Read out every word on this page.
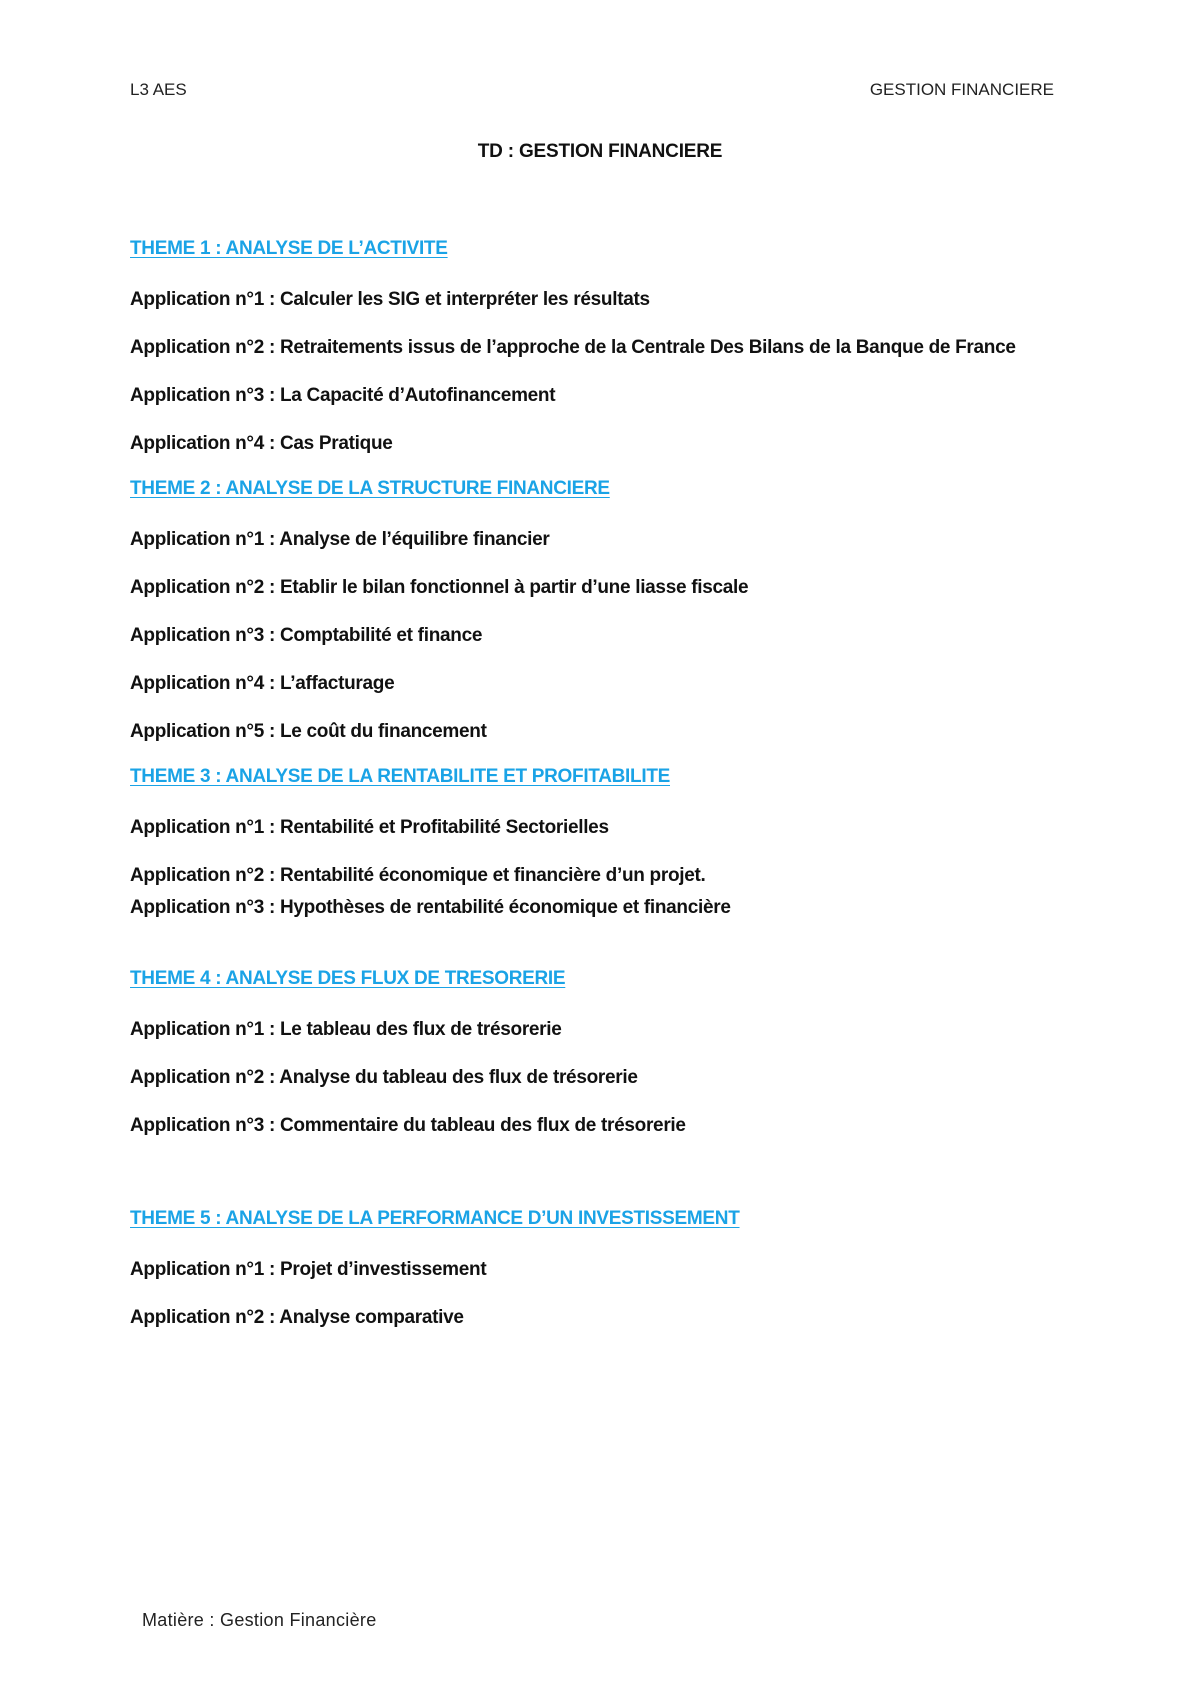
L3 AES	GESTION FINANCIERE
TD : GESTION FINANCIERE
THEME 1 : ANALYSE DE L’ACTIVITE
Application n°1 : Calculer les SIG et interpréter les résultats
Application n°2 : Retraitements issus de l’approche de la Centrale Des Bilans de la Banque de France
Application n°3 : La Capacité d’Autofinancement
Application n°4 : Cas Pratique
THEME 2 : ANALYSE DE LA STRUCTURE FINANCIERE
Application n°1 : Analyse de l’équilibre financier
Application n°2 : Etablir le bilan fonctionnel à partir d’une liasse fiscale
Application n°3 : Comptabilité et finance
Application n°4 : L’affacturage
Application n°5 : Le coût du financement
THEME 3 : ANALYSE DE LA RENTABILITE ET PROFITABILITE
Application n°1 : Rentabilité et Profitabilité Sectorielles
Application n°2 : Rentabilité économique et financière d’un projet.
Application n°3 : Hypothèses de rentabilité économique et financière
THEME 4 : ANALYSE DES FLUX DE TRESORERIE
Application n°1 : Le tableau des flux de trésorerie
Application n°2 : Analyse du tableau des flux de trésorerie
Application n°3 : Commentaire du tableau des flux de trésorerie
THEME 5 : ANALYSE DE LA PERFORMANCE D’UN INVESTISSEMENT
Application n°1 : Projet d’investissement
Application n°2 : Analyse comparative
Matière : Gestion Financière
